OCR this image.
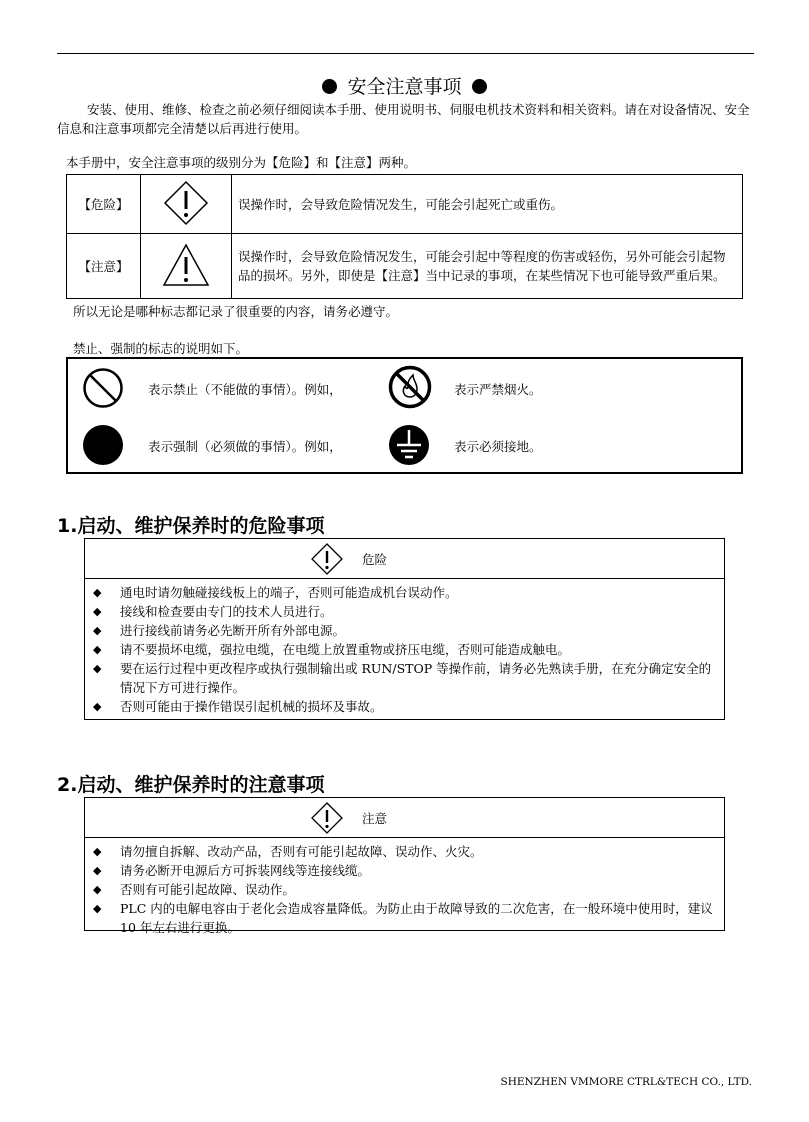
安全注意事项
安装、使用、维修、检查之前必须仔细阅读本手册、使用说明书、伺服电机技术资料和相关资料。请在对设备情况、安全信息和注意事项都完全清楚以后再进行使用。
本手册中，安全注意事项的级别分为【危险】和【注意】两种。
【危险】		误操作时，会导致危险情况发生，可能会引起死亡或重伤。
【注意】		误操作时，会导致危险情况发生，可能会引起中等程度的伤害或轻伤，另外可能会引起物品的损坏。另外，即使是【注意】当中记录的事项，在某些情况下也可能导致严重后果。
所以无论是哪种标志都记录了很重要的内容，请务必遵守。
禁止、强制的标志的说明如下。
表示禁止（不能做的事情）。例如，	表示严禁烟火。
表示强制（必须做的事情）。例如，	表示必须接地。
1.启动、维护保养时的危险事项
危险
◆ 通电时请勿触碰接线板上的端子，否则可能造成机台误动作。
◆ 接线和检查要由专门的技术人员进行。
◆ 进行接线前请务必先断开所有外部电源。
◆ 请不要损坏电缆，强拉电缆，在电缆上放置重物或挤压电缆，否则可能造成触电。
◆ 要在运行过程中更改程序或执行强制输出或 RUN/STOP 等操作前，请务必先熟读手册，在充分确定安全的情况下方可进行操作。
◆ 否则可能由于操作错误引起机械的损坏及事故。
2.启动、维护保养时的注意事项
注意
◆ 请勿擅自拆解、改动产品，否则有可能引起故障、误动作、火灾。
◆ 请务必断开电源后方可拆装网线等连接线缆。
◆ 否则有可能引起故障、误动作。
◆ PLC 内的电解电容由于老化会造成容量降低。为防止由于故障导致的二次危害，在一般环境中使用时，建议 10 年左右进行更换。
SHENZHEN VMMORE CTRL&TECH CO., LTD.
